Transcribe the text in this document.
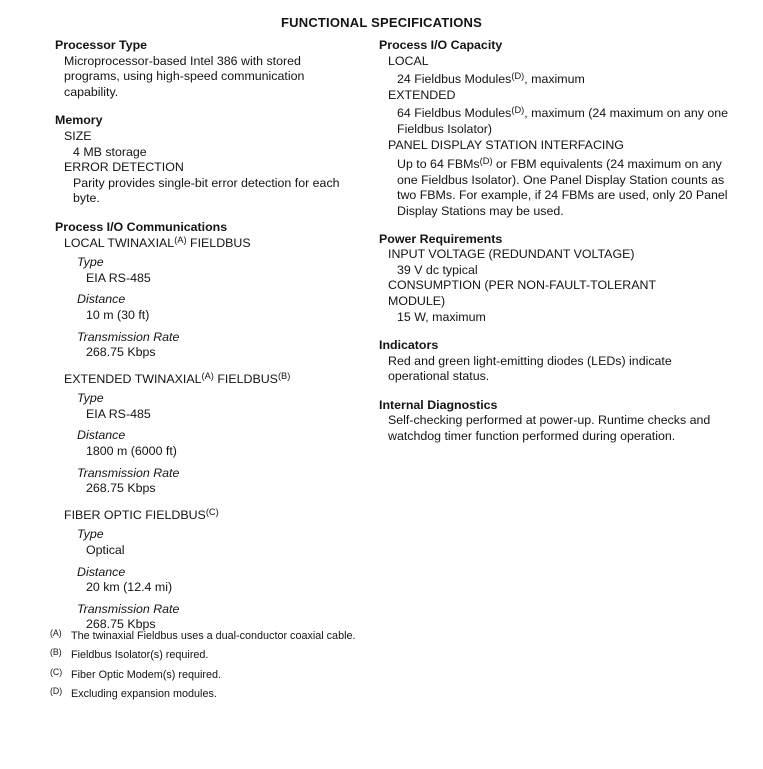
FUNCTIONAL SPECIFICATIONS
Processor Type
Microprocessor-based Intel 386 with stored programs, using high-speed communication capability.
Memory
SIZE
4 MB storage
ERROR DETECTION
Parity provides single-bit error detection for each byte.
Process I/O Communications
LOCAL $TWINAXIAL^{(A)}$ FIELDBUS
Type
EIA RS-485
Distance
10 m (30 ft)
Transmission Rate
268.75 Kbps
EXTENDED $TWINAXIAL^{(A)}$ $FIELDBUS^{(B)}$
Type
EIA RS-485
Distance
1800 m (6000 ft)
Transmission Rate
268.75 Kbps
FIBER OPTIC $FIELDBUS^{(C)}$
Type
Optical
Distance
20 km (12.4 mi)
Transmission Rate
268.75 Kbps
Process I/O Capacity
LOCAL
24 Fieldbus Modules$^{(D)}$, maximum
EXTENDED
64 Fieldbus Modules$^{(D)}$, maximum (24 maximum on any one Fieldbus Isolator)
PANEL DISPLAY STATION INTERFACING
Up to 64 FBMs$^{(D)}$ or FBM equivalents (24 maximum on any one Fieldbus Isolator). One Panel Display Station counts as two FBMs. For example, if 24 FBMs are used, only 20 Panel Display Stations may be used.
Power Requirements
INPUT VOLTAGE (REDUNDANT VOLTAGE)
39 V dc typical
CONSUMPTION (PER NON-FAULT-TOLERANT MODULE)
15 W, maximum
Indicators
Red and green light-emitting diodes (LEDs) indicate operational status.
Internal Diagnostics
Self-checking performed at power-up. Runtime checks and watchdog timer function performed during operation.
(A) The twinaxial Fieldbus uses a dual-conductor coaxial cable.
(B) Fieldbus Isolator(s) required.
(C) Fiber Optic Modem(s) required.
(D) Excluding expansion modules.
